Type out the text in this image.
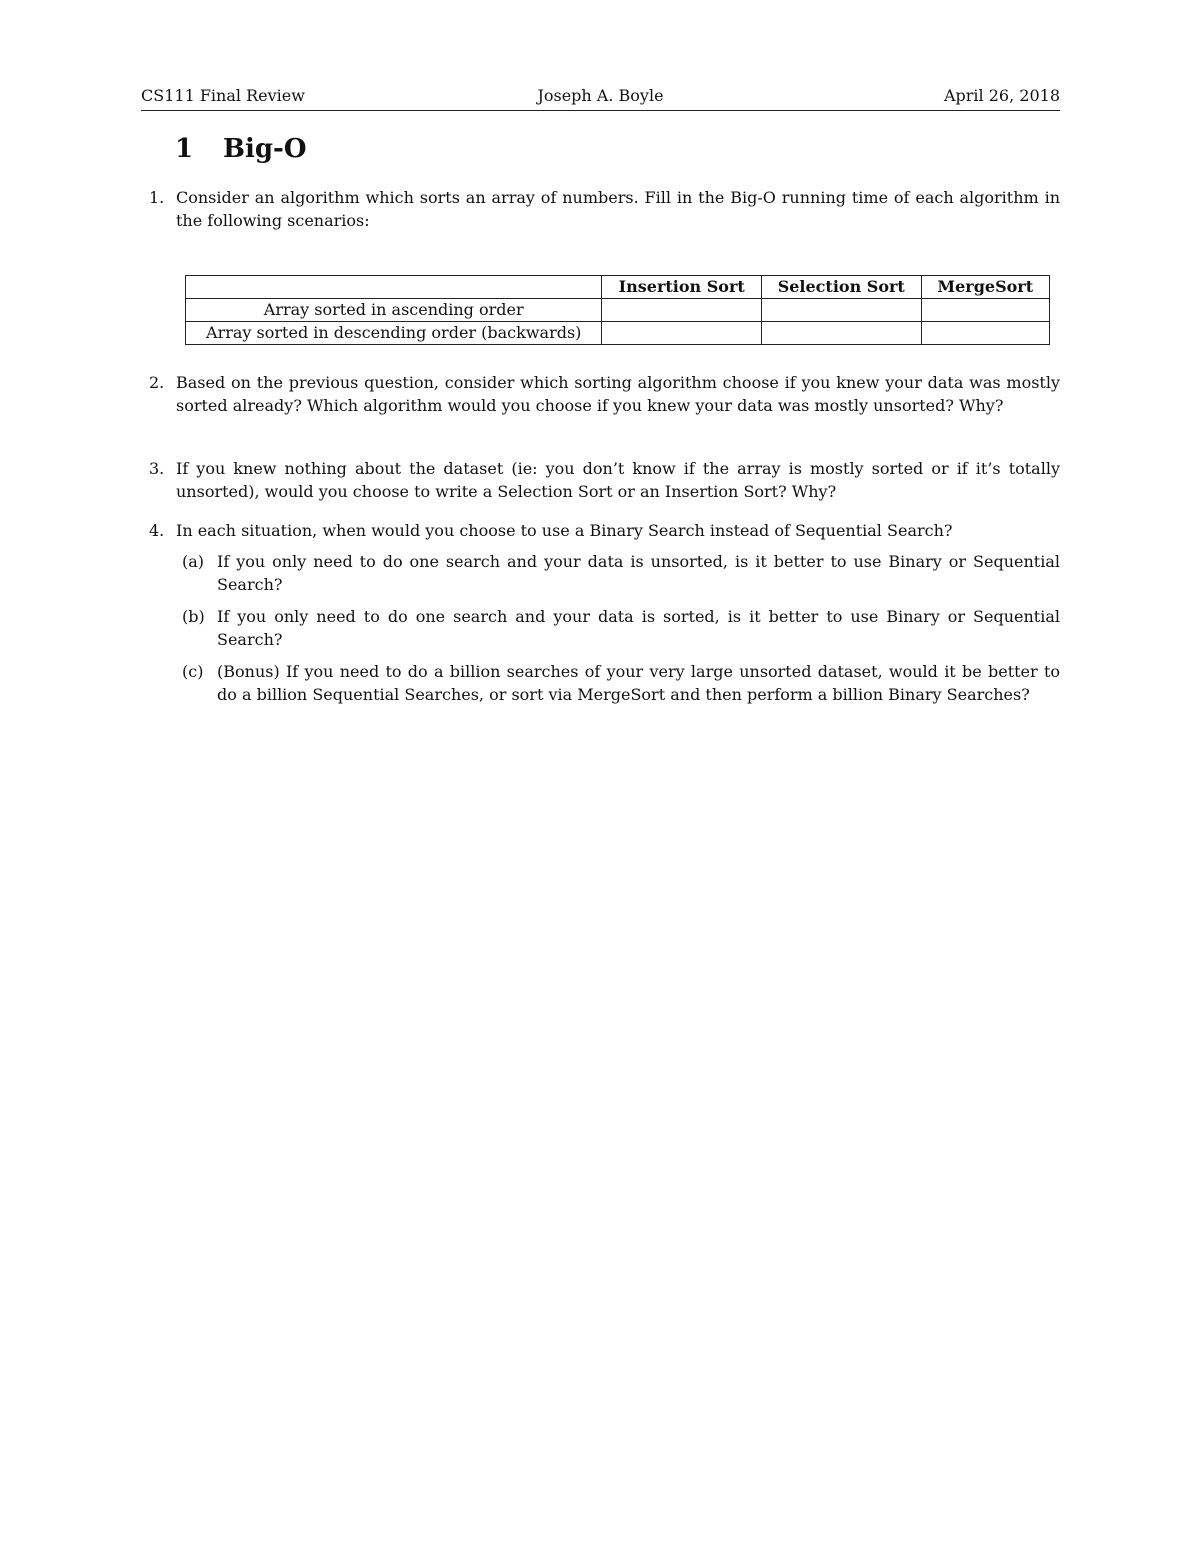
Joseph A. Boyle
CS111 Final Review	April 26, 2018
1 Big-O
1. Consider an algorithm which sorts an array of numbers. Fill in the Big-O running time of each algorithm in the following scenarios:
	Insertion Sort	Selection Sort	MergeSort
Array sorted in ascending order			
Array sorted in descending order (backwards)			
2. Based on the previous question, consider which sorting algorithm choose if you knew your data was mostly sorted already? Which algorithm would you choose if you knew your data was mostly unsorted? Why?
3. If you knew nothing about the dataset (ie: you don’t know if the array is mostly sorted or if it’s totally unsorted), would you choose to write a Selection Sort or an Insertion Sort? Why?
4. In each situation, when would you choose to use a Binary Search instead of Sequential Search?
(a) If you only need to do one search and your data is unsorted, is it better to use Binary or Sequential Search?
(b) If you only need to do one search and your data is sorted, is it better to use Binary or Sequential Search?
(c) (Bonus) If you need to do a billion searches of your very large unsorted dataset, would it be better to do a billion Sequential Searches, or sort via MergeSort and then perform a billion Binary Searches?
